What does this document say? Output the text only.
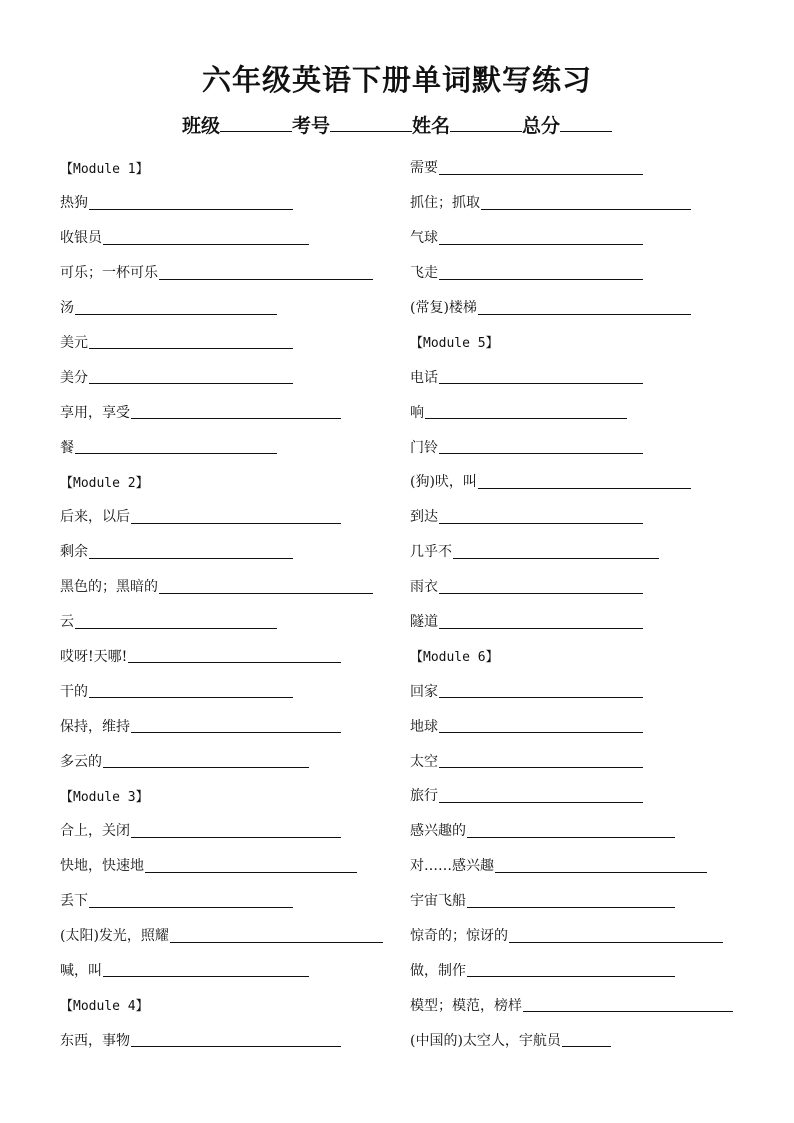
六年级英语下册单词默写练习
班级	考号	姓名	总分
【Module 1】
热狗
收银员
可乐；一杯可乐
汤
美元
美分
享用，享受
餐
【Module 2】
后来，以后
剩余
黑色的；黑暗的
云
哎呀!天哪!
干的
保持，维持
多云的
【Module 3】
合上，关闭
快地，快速地
丢下
(太阳)发光，照耀
喊，叫
【Module 4】
东西，事物
需要
抓住；抓取
气球
飞走
(常复)楼梯
【Module 5】
电话
响
门铃
(狗)吠，叫
到达
几乎不
雨衣
隧道
【Module 6】
回家
地球
太空
旅行
感兴趣的
对……感兴趣
宇宙飞船
惊奇的；惊讶的
做，制作
模型；模范，榜样
(中国的)太空人，宇航员
